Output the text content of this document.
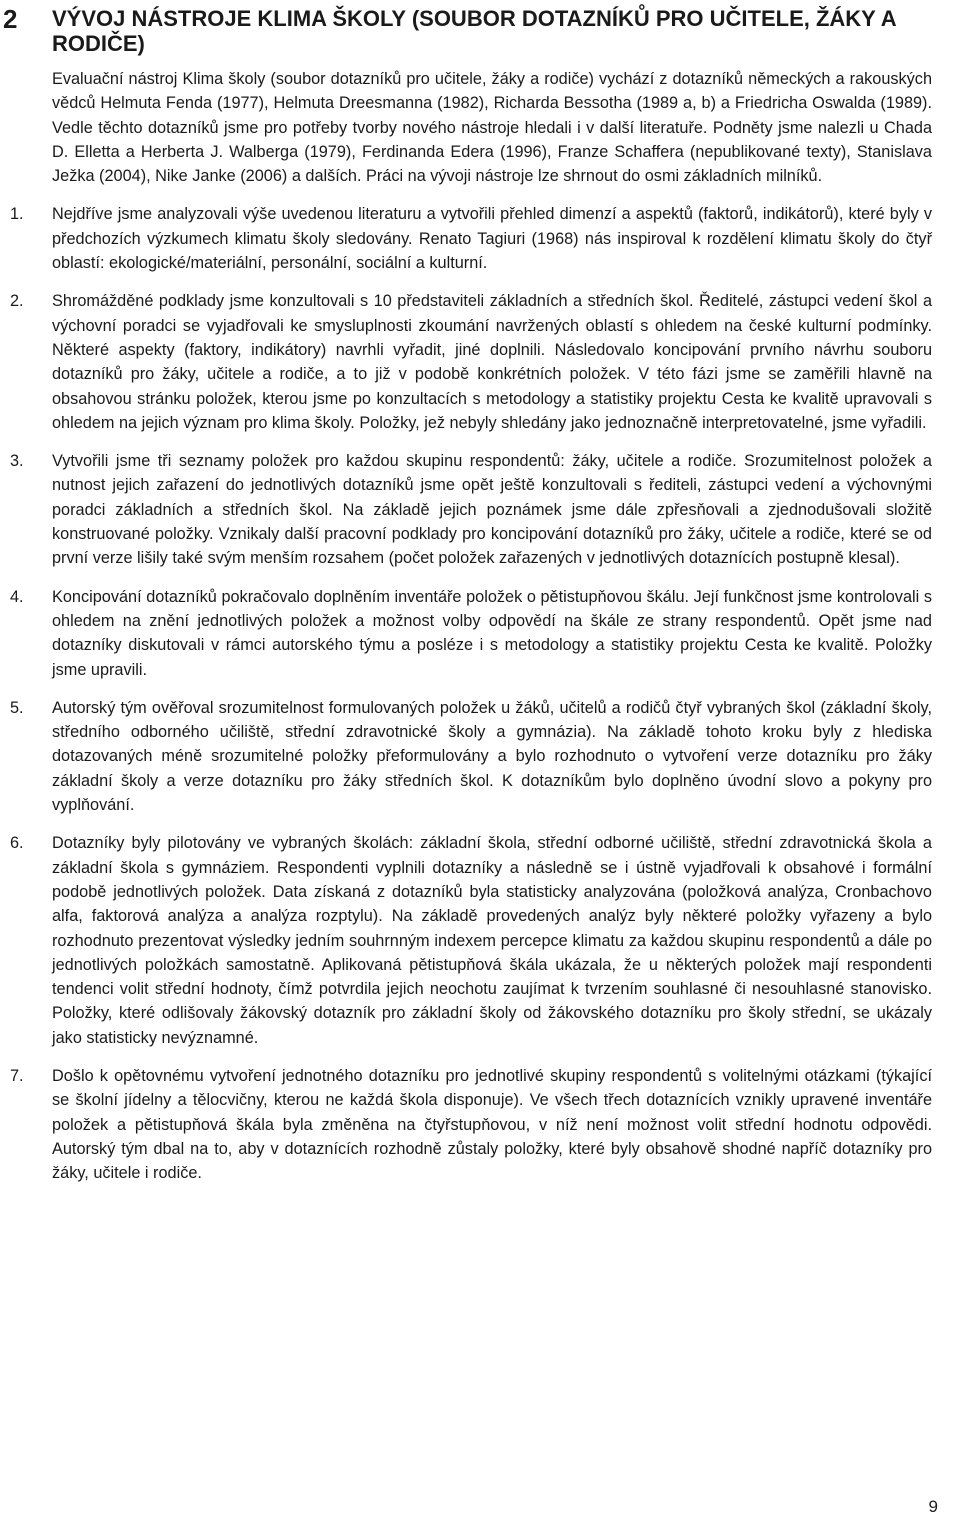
2 VÝVOJ NÁSTROJE KLIMA ŠKOLY (SOUBOR DOTAZNÍKŮ PRO UČITELE, ŽÁKY A RODIČE)

Evaluační nástroj Klima školy (soubor dotazníků pro učitele, žáky a rodiče) vychází z dotazníků německých a rakouských vědců Helmuta Fenda (1977), Helmuta Dreesmanna (1982), Richarda Bessotha (1989 a, b) a Friedricha Oswalda (1989). Vedle těchto dotazníků jsme pro potřeby tvorby nového nástroje hledali i v další literatuře. Podněty jsme nalezli u Chada D. Elletta a Herberta J. Walberga (1979), Ferdinanda Edera (1996), Franze Schaffera (nepublikované texty), Stanislava Ježka (2004), Nike Janke (2006) a dalších. Práci na vývoji nástroje lze shrnout do osmi základních milníků.

1.	Nejdříve jsme analyzovali výše uvedenou literaturu a vytvořili přehled dimenzí a aspektů (faktorů, indikátorů), které byly v předchozích výzkumech klimatu školy sledovány. Renato Tagiuri (1968) nás inspiroval k rozdělení klimatu školy do čtyř oblastí: ekologické/materiální, personální, sociální a kulturní.
2.	Shromážděné podklady jsme konzultovali s 10 představiteli základních a středních škol. Ředitelé, zástupci vedení škol a výchovní poradci se vyjadřovali ke smysluplnosti zkoumání navržených oblastí s ohledem na české kulturní podmínky. Některé aspekty (faktory, indikátory) navrhli vyřadit, jiné doplnili. Následovalo koncipování prvního návrhu souboru dotazníků pro žáky, učitele a rodiče, a to již v podobě konkrétních položek. V této fázi jsme se zaměřili hlavně na obsahovou stránku položek, kterou jsme po konzultacích s metodology a statistiky projektu Cesta ke kvalitě upravovali s ohledem na jejich význam pro klima školy. Položky, jež nebyly shledány jako jednoznačně interpretovatelné, jsme vyřadili.
3.	Vytvořili jsme tři seznamy položek pro každou skupinu respondentů: žáky, učitele a rodiče. Srozumitelnost položek a nutnost jejich zařazení do jednotlivých dotazníků jsme opět ještě konzultovali s řediteli, zástupci vedení a výchovnými poradci základních a středních škol. Na základě jejich poznámek jsme dále zpřesňovali a zjednodušovali složitě konstruované položky. Vznikaly další pracovní podklady pro koncipování dotazníků pro žáky, učitele a rodiče, které se od první verze lišily také svým menším rozsahem (počet položek zařazených v jednotlivých dotaznících postupně klesal).
4.	Koncipování dotazníků pokračovalo doplněním inventáře položek o pětistupňovou škálu. Její funkčnost jsme kontrolovali s ohledem na znění jednotlivých položek a možnost volby odpovědí na škále ze strany respondentů. Opět jsme nad dotazníky diskutovali v rámci autorského týmu a posléze i s metodology a statistiky projektu Cesta ke kvalitě. Položky jsme upravili.
5.	Autorský tým ověřoval srozumitelnost formulovaných položek u žáků, učitelů a rodičů čtyř vybraných škol (základní školy, středního odborného učiliště, střední zdravotnické školy a gymnázia). Na základě tohoto kroku byly z hlediska dotazovaných méně srozumitelné položky přeformulovány a bylo rozhodnuto o vytvoření verze dotazníku pro žáky základní školy a verze dotazníku pro žáky středních škol. K dotazníkům bylo doplněno úvodní slovo a pokyny pro vyplňování.
6.	Dotazníky byly pilotovány ve vybraných školách: základní škola, střední odborné učiliště, střední zdravotnická škola a základní škola s gymnáziem. Respondenti vyplnili dotazníky a následně se i ústně vyjadřovali k obsahové i formální podobě jednotlivých položek. Data získaná z dotazníků byla statisticky analyzována (položková analýza, Cronbachovo alfa, faktorová analýza a analýza rozptylu). Na základě provedených analýz byly některé položky vyřazeny a bylo rozhodnuto prezentovat výsledky jedním souhrnným indexem percepce klimatu za každou skupinu respondentů a dále po jednotlivých položkách samostatně. Aplikovaná pětistupňová škála ukázala, že u některých položek mají respondenti tendenci volit střední hodnoty, čímž potvrdila jejich neochotu zaujímat k tvrzením souhlasné či nesouhlasné stanovisko. Položky, které odlišovaly žákovský dotazník pro základní školy od žákovského dotazníku pro školy střední, se ukázaly jako statisticky nevýznamné.
7.	Došlo k opětovnému vytvoření jednotného dotazníku pro jednotlivé skupiny respondentů s volitelnými otázkami (týkající se školní jídelny a tělocvičny, kterou ne každá škola disponuje). Ve všech třech dotaznících vznikly upravené inventáře položek a pětistupňová škála byla změněna na čtyřstupňovou, v níž není možnost volit střední hodnotu odpovědi. Autorský tým dbal na to, aby v dotaznících rozhodně zůstaly položky, které byly obsahově shodné napříč dotazníky pro žáky, učitele i rodiče.
9
